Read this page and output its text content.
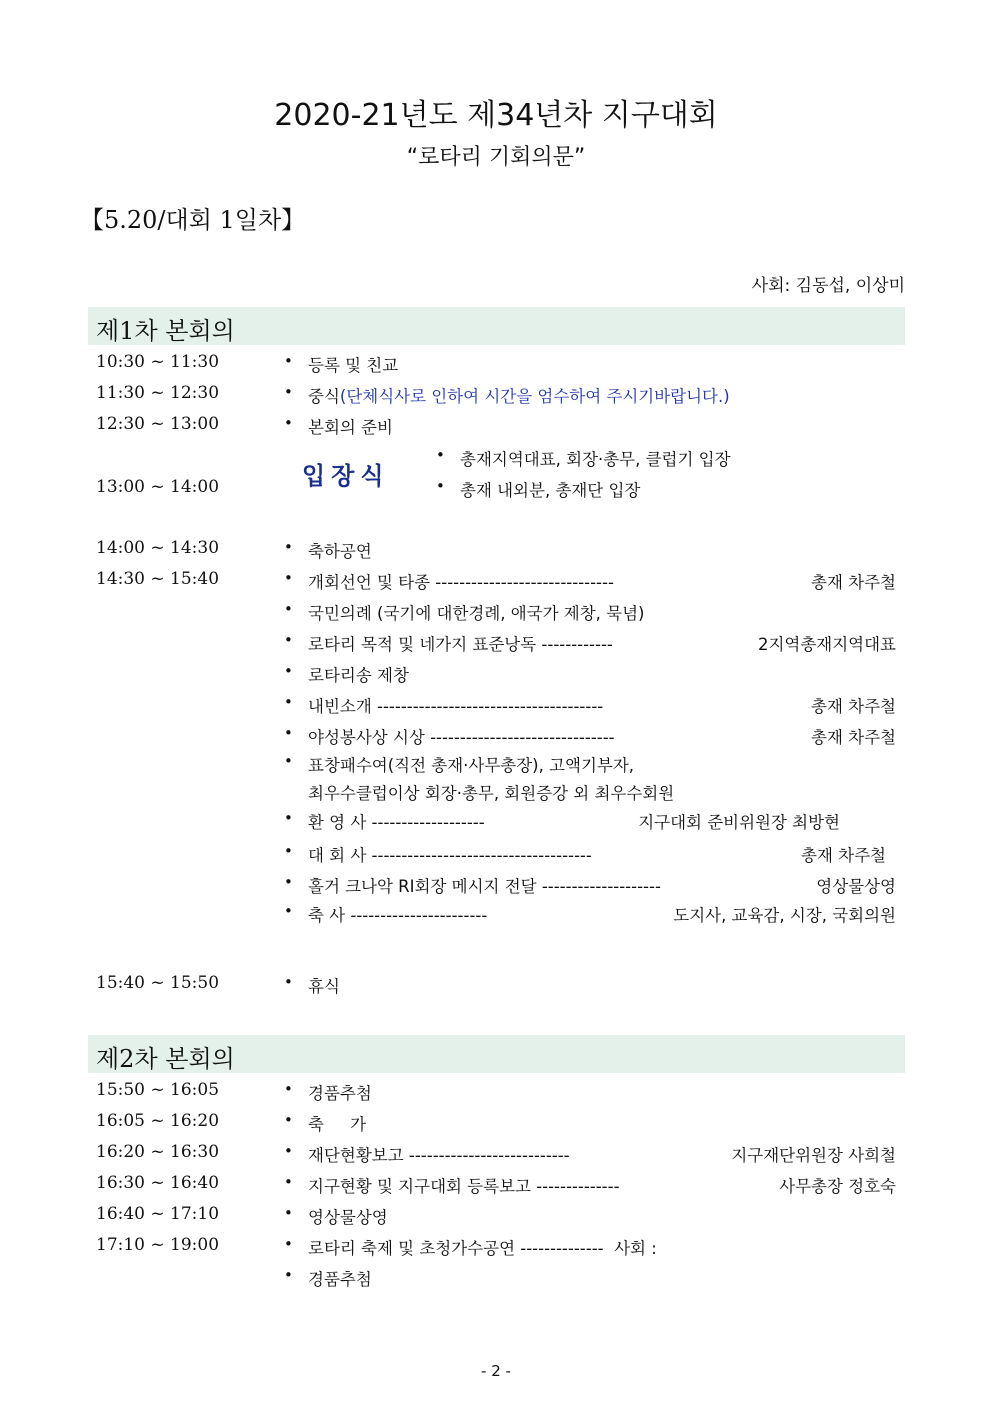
2020-21년도 제34년차 지구대회
“로타리 기회의문”
【5.20/대회 1일차】
사회: 김동섭, 이상미
제1차 본회의
10:30 ~ 11:30	• 등록 및 친교
11:30 ~ 12:30	• 중식(단체식사로 인하여 시간을 엄수하여 주시기바랍니다.)
12:30 ~ 13:00	• 본회의 준비
입장식
• 총재지역대표, 회장·총무, 클럽기 입장
13:00 ~ 14:00	• 총재 내외분, 총재단 입장
14:00 ~ 14:30	• 축하공연
14:30 ~ 15:40	• 개회선언 및 타종 ------------------------------	총재 차주철
• 국민의례 (국기에 대한경례, 애국가 제창, 묵념)
• 로타리 목적 및 네가지 표준낭독 ------------	2지역총재지역대표
• 로타리송 제창
• 내빈소개 --------------------------------------	총재 차주철
• 야성봉사상 시상 -------------------------------	총재 차주철
• 표창패수여(직전 총재·사무총장), 고액기부자,
최우수클럽이상 회장·총무, 회원증강 외 최우수회원
• 환 영 사 -------------------	지구대회 준비위원장 최방현
• 대 회 사 -------------------------------------	총재 차주철
• 홀거 크나악 RI회장 메시지 전달 --------------------	영상물상영
• 축 사 -----------------------	도지사, 교육감, 시장, 국회의원
15:40 ~ 15:50	• 휴식
제2차 본회의
15:50 ~ 16:05	• 경품추첨
16:05 ~ 16:20	• 축     가
16:20 ~ 16:30	• 재단현황보고 ---------------------------	지구재단위원장 사희철
16:30 ~ 16:40	• 지구현황 및 지구대회 등록보고 --------------	사무총장 정호숙
16:40 ~ 17:10	• 영상물상영
17:10 ~ 19:00	• 로타리 축제 및 초청가수공연 --------------  사회 :
• 경품추첨
- 2 -
